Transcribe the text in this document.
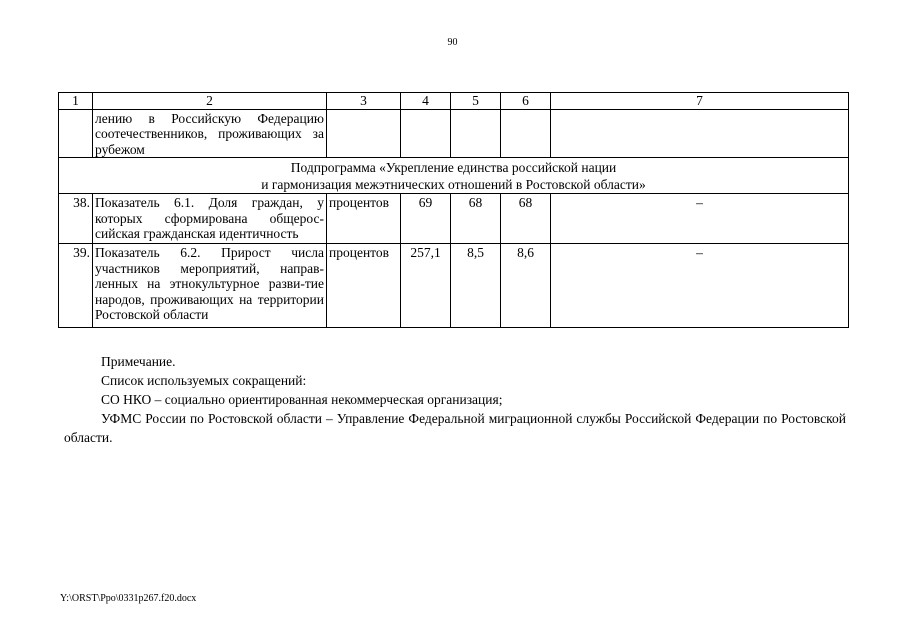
90
1	2	3	4	5	6	7
	лению в Российскую Федерацию соотечественников, проживающих за рубежом					
Подпрограмма «Укрепление единства российской нации
и гармонизация межэтнических отношений в Ростовской области»						
38.	Показатель 6.1. Доля граждан, у которых сформирована общерос-сийская гражданская идентичность	процентов	69	68	68	–
39.	Показатель 6.2. Прирост числа участников мероприятий, направ-ленных на этнокультурное разви-тие народов, проживающих на территории Ростовской области	процентов	257,1	8,5	8,6	–

Примечание.

Список используемых сокращений:

СО НКО – социально ориентированная некоммерческая организация;

УФМС России по Ростовской области – Управление Федеральной миграционной службы Российской Федерации по Ростовской области.

Y:\ORST\Ppo\0331p267.f20.docx
